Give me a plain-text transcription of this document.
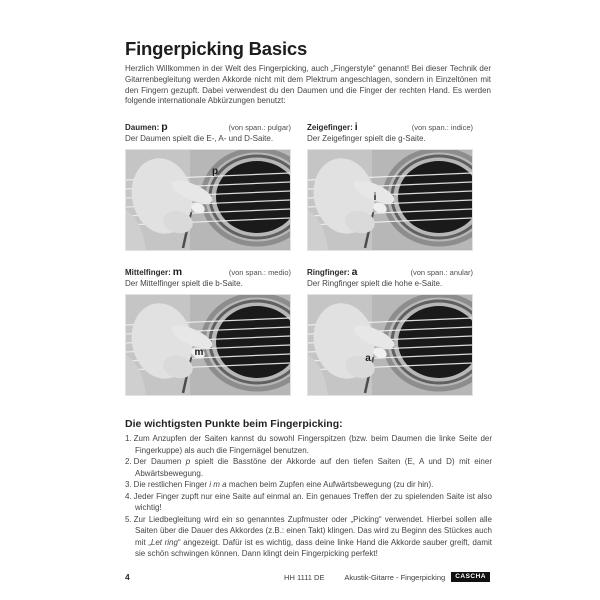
Fingerpicking Basics

Herzlich Willkommen in der Welt des Fingerpicking, auch „Fingerstyle“ genannt! Bei dieser Technik der Gitarrenbegleitung werden Akkorde nicht mit dem Plektrum angeschlagen, sondern in Einzeltönen mit den Fingern gezupft. Dabei verwendest du den Daumen und die Finger der rechten Hand. Es werden folgende internationale Abkürzungen benutzt:

Daumen: p	(von span.: pulgar)
Der Daumen spielt die E-, A- und D-Saite.
p
Zeigefinger: i	(von span.: indice)
Der Zeigefinger spielt die g-Saite.
i
Mittelfinger: m	(von span.: medio)
Der Mittelfinger spielt die b-Saite.
m
Ringfinger: a	(von span.: anular)
Der Ringfinger spielt die hohe e-Saite.
a
Die wichtigsten Punkte beim Fingerpicking:
1. Zum Anzupfen der Saiten kannst du sowohl Fingerspitzen (bzw. beim Daumen die linke Seite der Fingerkuppe) als auch die Fingernägel benutzen.
2. Der Daumen p spielt die Basstöne der Akkorde auf den tiefen Saiten (E, A und D) mit einer Abwärtsbewegung.
3. Die restlichen Finger i m a machen beim Zupfen eine Aufwärtsbewegung (zu dir hin).
4. Jeder Finger zupft nur eine Saite auf einmal an. Ein genaues Treffen der zu spielenden Saite ist also wichtig!
5. Zur Liedbegleitung wird ein so genanntes Zupfmuster oder „Picking“ verwendet. Hierbei sollen alle Saiten über die Dauer des Akkordes (z.B.: einen Takt) klingen. Das wird zu Beginn des Stückes auch mit „Let ring“ angezeigt. Dafür ist es wichtig, dass deine linke Hand die Akkorde sauber greift, damit sie schön schwingen können. Dann klingt dein Fingerpicking perfekt!
4	HH 1111 DE	Akustik-Gitarre - Fingerpicking	CASCHA
